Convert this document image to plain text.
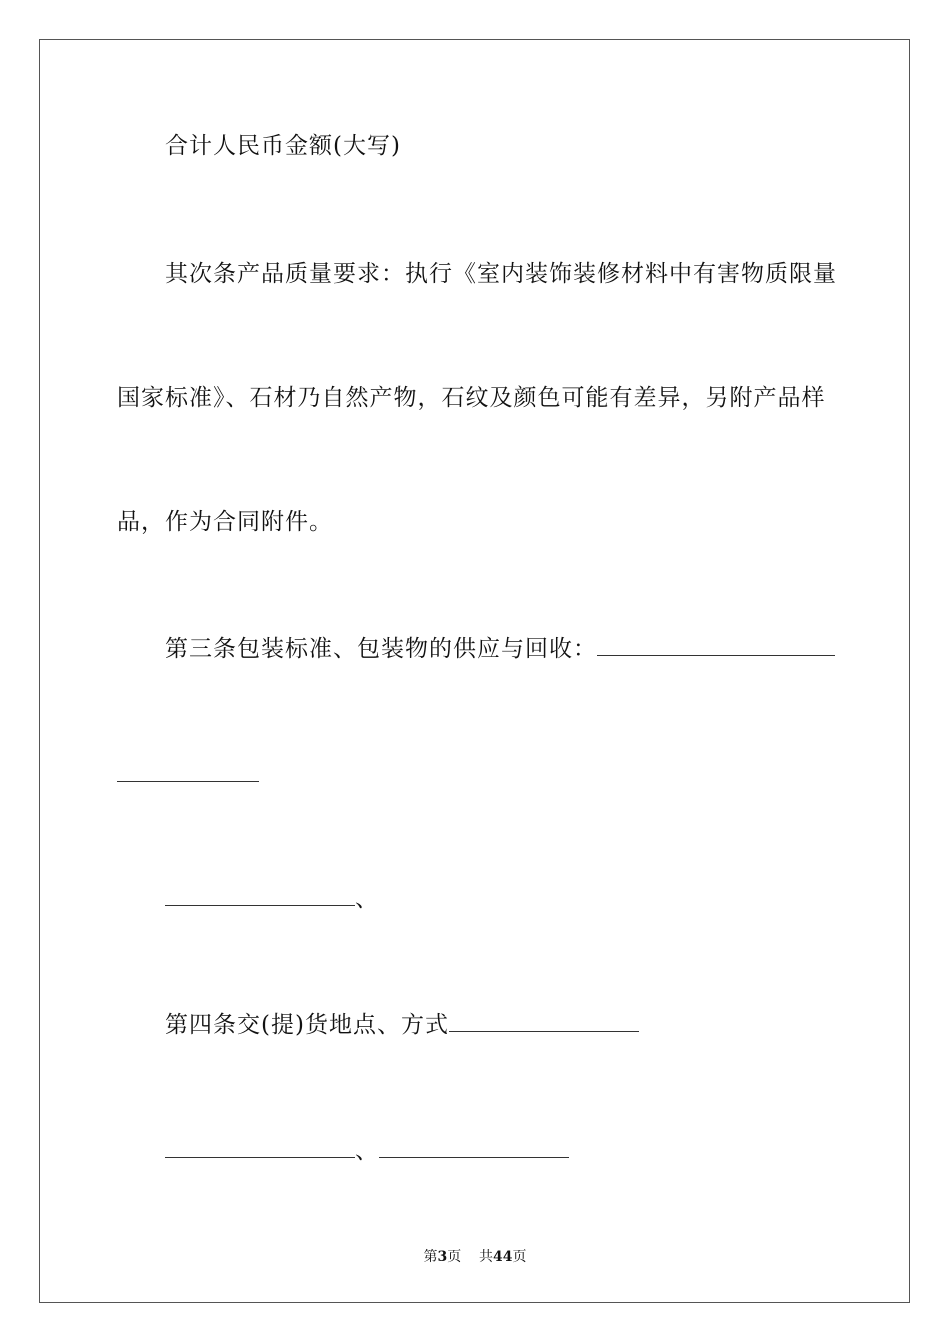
合计人民币金额(大写)
其次条产品质量要求：执行《室内装饰装修材料中有害物质限量
国家标准》、石材乃自然产物，石纹及颜色可能有差异，另附产品样
品，作为合同附件。
第三条包装标准、包装物的供应与回收：
、
第四条交(提)货地点、方式
、
第3页 共44页
